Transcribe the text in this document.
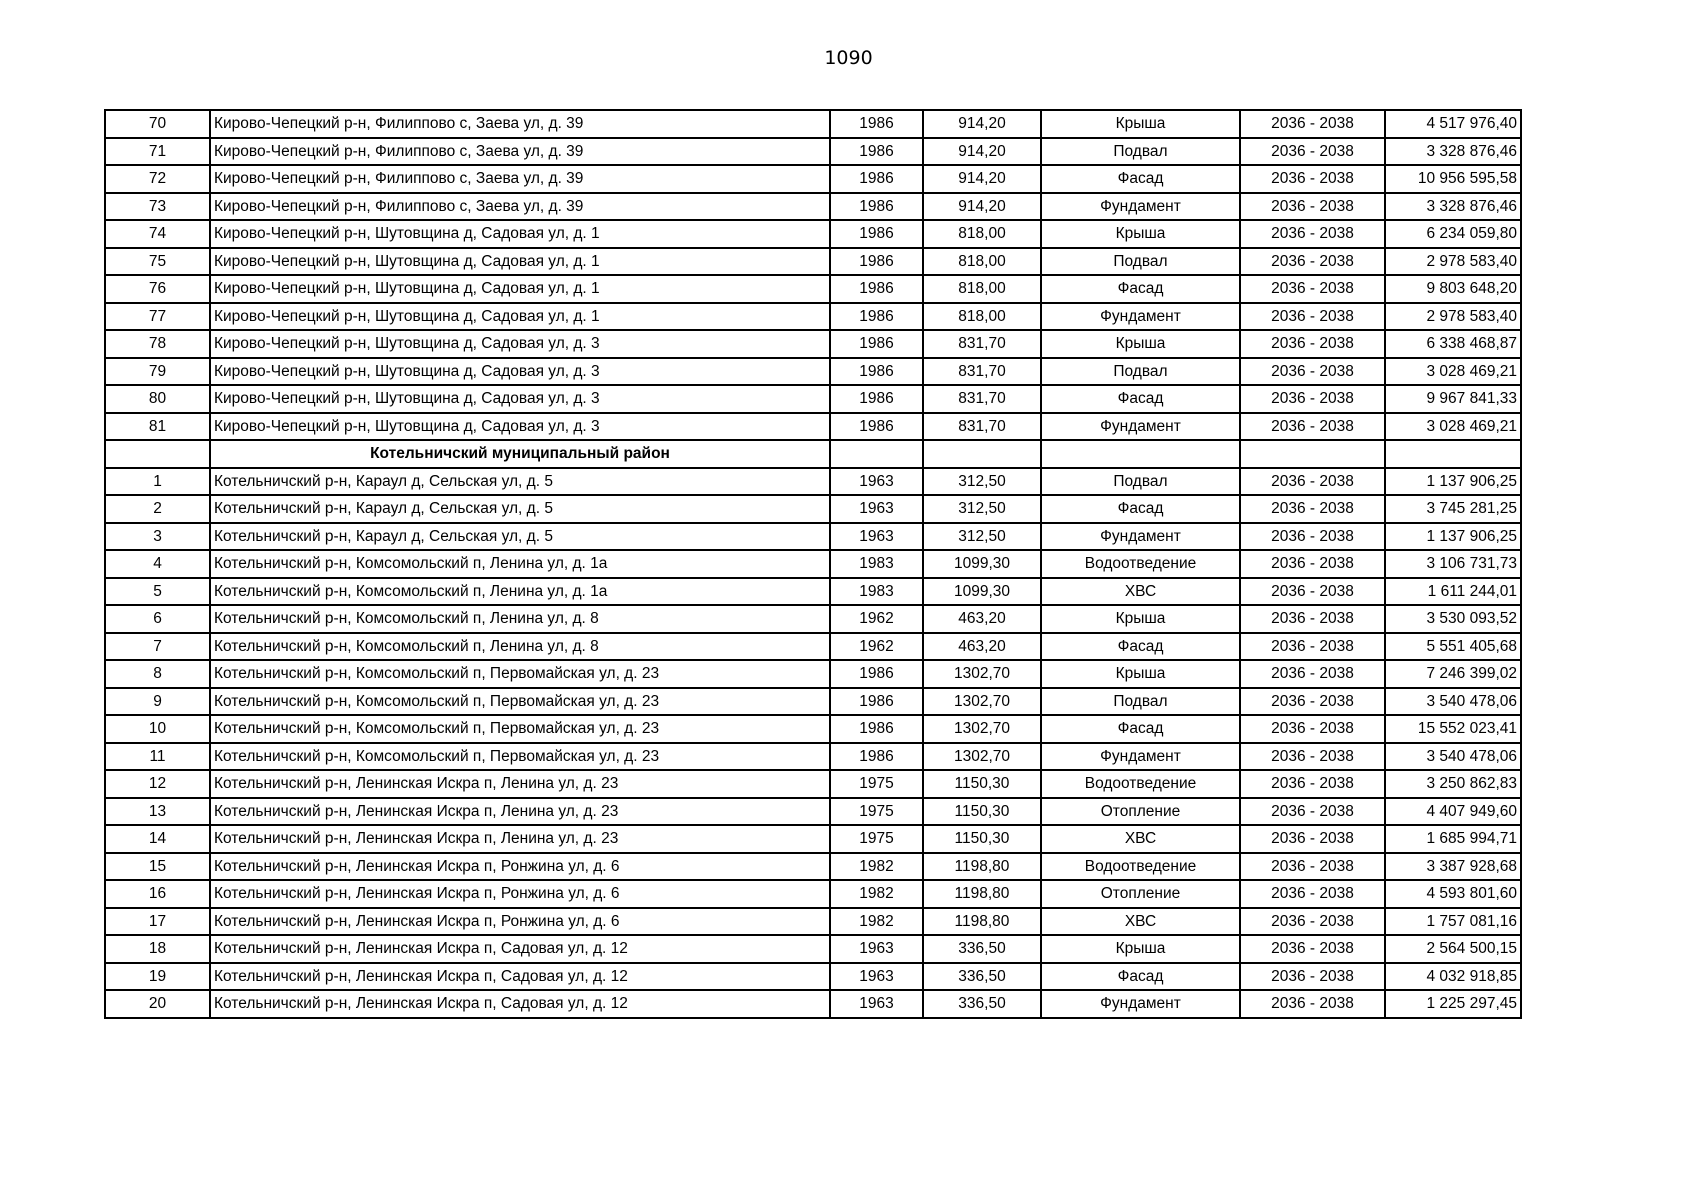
1090
70	Кирово-Чепецкий р-н, Филиппово с, Заева ул, д. 39	1986	914,20	Крыша	2036 - 2038	4 517 976,40
71	Кирово-Чепецкий р-н, Филиппово с, Заева ул, д. 39	1986	914,20	Подвал	2036 - 2038	3 328 876,46
72	Кирово-Чепецкий р-н, Филиппово с, Заева ул, д. 39	1986	914,20	Фасад	2036 - 2038	10 956 595,58
73	Кирово-Чепецкий р-н, Филиппово с, Заева ул, д. 39	1986	914,20	Фундамент	2036 - 2038	3 328 876,46
74	Кирово-Чепецкий р-н, Шутовщина д, Садовая ул, д. 1	1986	818,00	Крыша	2036 - 2038	6 234 059,80
75	Кирово-Чепецкий р-н, Шутовщина д, Садовая ул, д. 1	1986	818,00	Подвал	2036 - 2038	2 978 583,40
76	Кирово-Чепецкий р-н, Шутовщина д, Садовая ул, д. 1	1986	818,00	Фасад	2036 - 2038	9 803 648,20
77	Кирово-Чепецкий р-н, Шутовщина д, Садовая ул, д. 1	1986	818,00	Фундамент	2036 - 2038	2 978 583,40
78	Кирово-Чепецкий р-н, Шутовщина д, Садовая ул, д. 3	1986	831,70	Крыша	2036 - 2038	6 338 468,87
79	Кирово-Чепецкий р-н, Шутовщина д, Садовая ул, д. 3	1986	831,70	Подвал	2036 - 2038	3 028 469,21
80	Кирово-Чепецкий р-н, Шутовщина д, Садовая ул, д. 3	1986	831,70	Фасад	2036 - 2038	9 967 841,33
81	Кирово-Чепецкий р-н, Шутовщина д, Садовая ул, д. 3	1986	831,70	Фундамент	2036 - 2038	3 028 469,21
	Котельничский муниципальный район					
1	Котельничский р-н, Караул д, Сельская ул, д. 5	1963	312,50	Подвал	2036 - 2038	1 137 906,25
2	Котельничский р-н, Караул д, Сельская ул, д. 5	1963	312,50	Фасад	2036 - 2038	3 745 281,25
3	Котельничский р-н, Караул д, Сельская ул, д. 5	1963	312,50	Фундамент	2036 - 2038	1 137 906,25
4	Котельничский р-н, Комсомольский п, Ленина ул, д. 1а	1983	1099,30	Водоотведение	2036 - 2038	3 106 731,73
5	Котельничский р-н, Комсомольский п, Ленина ул, д. 1а	1983	1099,30	ХВС	2036 - 2038	1 611 244,01
6	Котельничский р-н, Комсомольский п, Ленина ул, д. 8	1962	463,20	Крыша	2036 - 2038	3 530 093,52
7	Котельничский р-н, Комсомольский п, Ленина ул, д. 8	1962	463,20	Фасад	2036 - 2038	5 551 405,68
8	Котельничский р-н, Комсомольский п, Первомайская ул, д. 23	1986	1302,70	Крыша	2036 - 2038	7 246 399,02
9	Котельничский р-н, Комсомольский п, Первомайская ул, д. 23	1986	1302,70	Подвал	2036 - 2038	3 540 478,06
10	Котельничский р-н, Комсомольский п, Первомайская ул, д. 23	1986	1302,70	Фасад	2036 - 2038	15 552 023,41
11	Котельничский р-н, Комсомольский п, Первомайская ул, д. 23	1986	1302,70	Фундамент	2036 - 2038	3 540 478,06
12	Котельничский р-н, Ленинская Искра п, Ленина ул, д. 23	1975	1150,30	Водоотведение	2036 - 2038	3 250 862,83
13	Котельничский р-н, Ленинская Искра п, Ленина ул, д. 23	1975	1150,30	Отопление	2036 - 2038	4 407 949,60
14	Котельничский р-н, Ленинская Искра п, Ленина ул, д. 23	1975	1150,30	ХВС	2036 - 2038	1 685 994,71
15	Котельничский р-н, Ленинская Искра п, Ронжина ул, д. 6	1982	1198,80	Водоотведение	2036 - 2038	3 387 928,68
16	Котельничский р-н, Ленинская Искра п, Ронжина ул, д. 6	1982	1198,80	Отопление	2036 - 2038	4 593 801,60
17	Котельничский р-н, Ленинская Искра п, Ронжина ул, д. 6	1982	1198,80	ХВС	2036 - 2038	1 757 081,16
18	Котельничский р-н, Ленинская Искра п, Садовая ул, д. 12	1963	336,50	Крыша	2036 - 2038	2 564 500,15
19	Котельничский р-н, Ленинская Искра п, Садовая ул, д. 12	1963	336,50	Фасад	2036 - 2038	4 032 918,85
20	Котельничский р-н, Ленинская Искра п, Садовая ул, д. 12	1963	336,50	Фундамент	2036 - 2038	1 225 297,45
